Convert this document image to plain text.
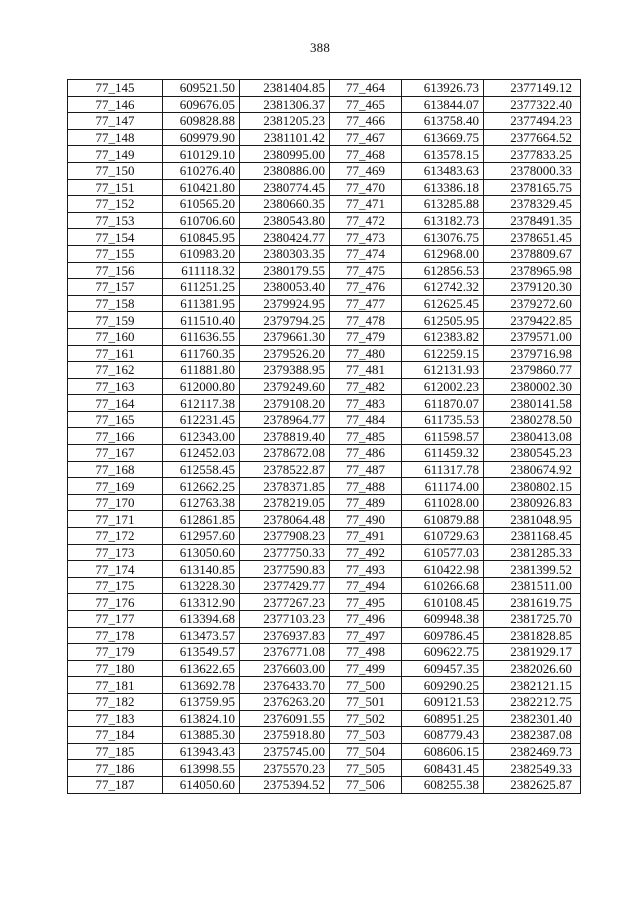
388
77_145	609521.50	2381404.85	77_464	613926.73	2377149.12
77_146	609676.05	2381306.37	77_465	613844.07	2377322.40
77_147	609828.88	2381205.23	77_466	613758.40	2377494.23
77_148	609979.90	2381101.42	77_467	613669.75	2377664.52
77_149	610129.10	2380995.00	77_468	613578.15	2377833.25
77_150	610276.40	2380886.00	77_469	613483.63	2378000.33
77_151	610421.80	2380774.45	77_470	613386.18	2378165.75
77_152	610565.20	2380660.35	77_471	613285.88	2378329.45
77_153	610706.60	2380543.80	77_472	613182.73	2378491.35
77_154	610845.95	2380424.77	77_473	613076.75	2378651.45
77_155	610983.20	2380303.35	77_474	612968.00	2378809.67
77_156	611118.32	2380179.55	77_475	612856.53	2378965.98
77_157	611251.25	2380053.40	77_476	612742.32	2379120.30
77_158	611381.95	2379924.95	77_477	612625.45	2379272.60
77_159	611510.40	2379794.25	77_478	612505.95	2379422.85
77_160	611636.55	2379661.30	77_479	612383.82	2379571.00
77_161	611760.35	2379526.20	77_480	612259.15	2379716.98
77_162	611881.80	2379388.95	77_481	612131.93	2379860.77
77_163	612000.80	2379249.60	77_482	612002.23	2380002.30
77_164	612117.38	2379108.20	77_483	611870.07	2380141.58
77_165	612231.45	2378964.77	77_484	611735.53	2380278.50
77_166	612343.00	2378819.40	77_485	611598.57	2380413.08
77_167	612452.03	2378672.08	77_486	611459.32	2380545.23
77_168	612558.45	2378522.87	77_487	611317.78	2380674.92
77_169	612662.25	2378371.85	77_488	611174.00	2380802.15
77_170	612763.38	2378219.05	77_489	611028.00	2380926.83
77_171	612861.85	2378064.48	77_490	610879.88	2381048.95
77_172	612957.60	2377908.23	77_491	610729.63	2381168.45
77_173	613050.60	2377750.33	77_492	610577.03	2381285.33
77_174	613140.85	2377590.83	77_493	610422.98	2381399.52
77_175	613228.30	2377429.77	77_494	610266.68	2381511.00
77_176	613312.90	2377267.23	77_495	610108.45	2381619.75
77_177	613394.68	2377103.23	77_496	609948.38	2381725.70
77_178	613473.57	2376937.83	77_497	609786.45	2381828.85
77_179	613549.57	2376771.08	77_498	609622.75	2381929.17
77_180	613622.65	2376603.00	77_499	609457.35	2382026.60
77_181	613692.78	2376433.70	77_500	609290.25	2382121.15
77_182	613759.95	2376263.20	77_501	609121.53	2382212.75
77_183	613824.10	2376091.55	77_502	608951.25	2382301.40
77_184	613885.30	2375918.80	77_503	608779.43	2382387.08
77_185	613943.43	2375745.00	77_504	608606.15	2382469.73
77_186	613998.55	2375570.23	77_505	608431.45	2382549.33
77_187	614050.60	2375394.52	77_506	608255.38	2382625.87
